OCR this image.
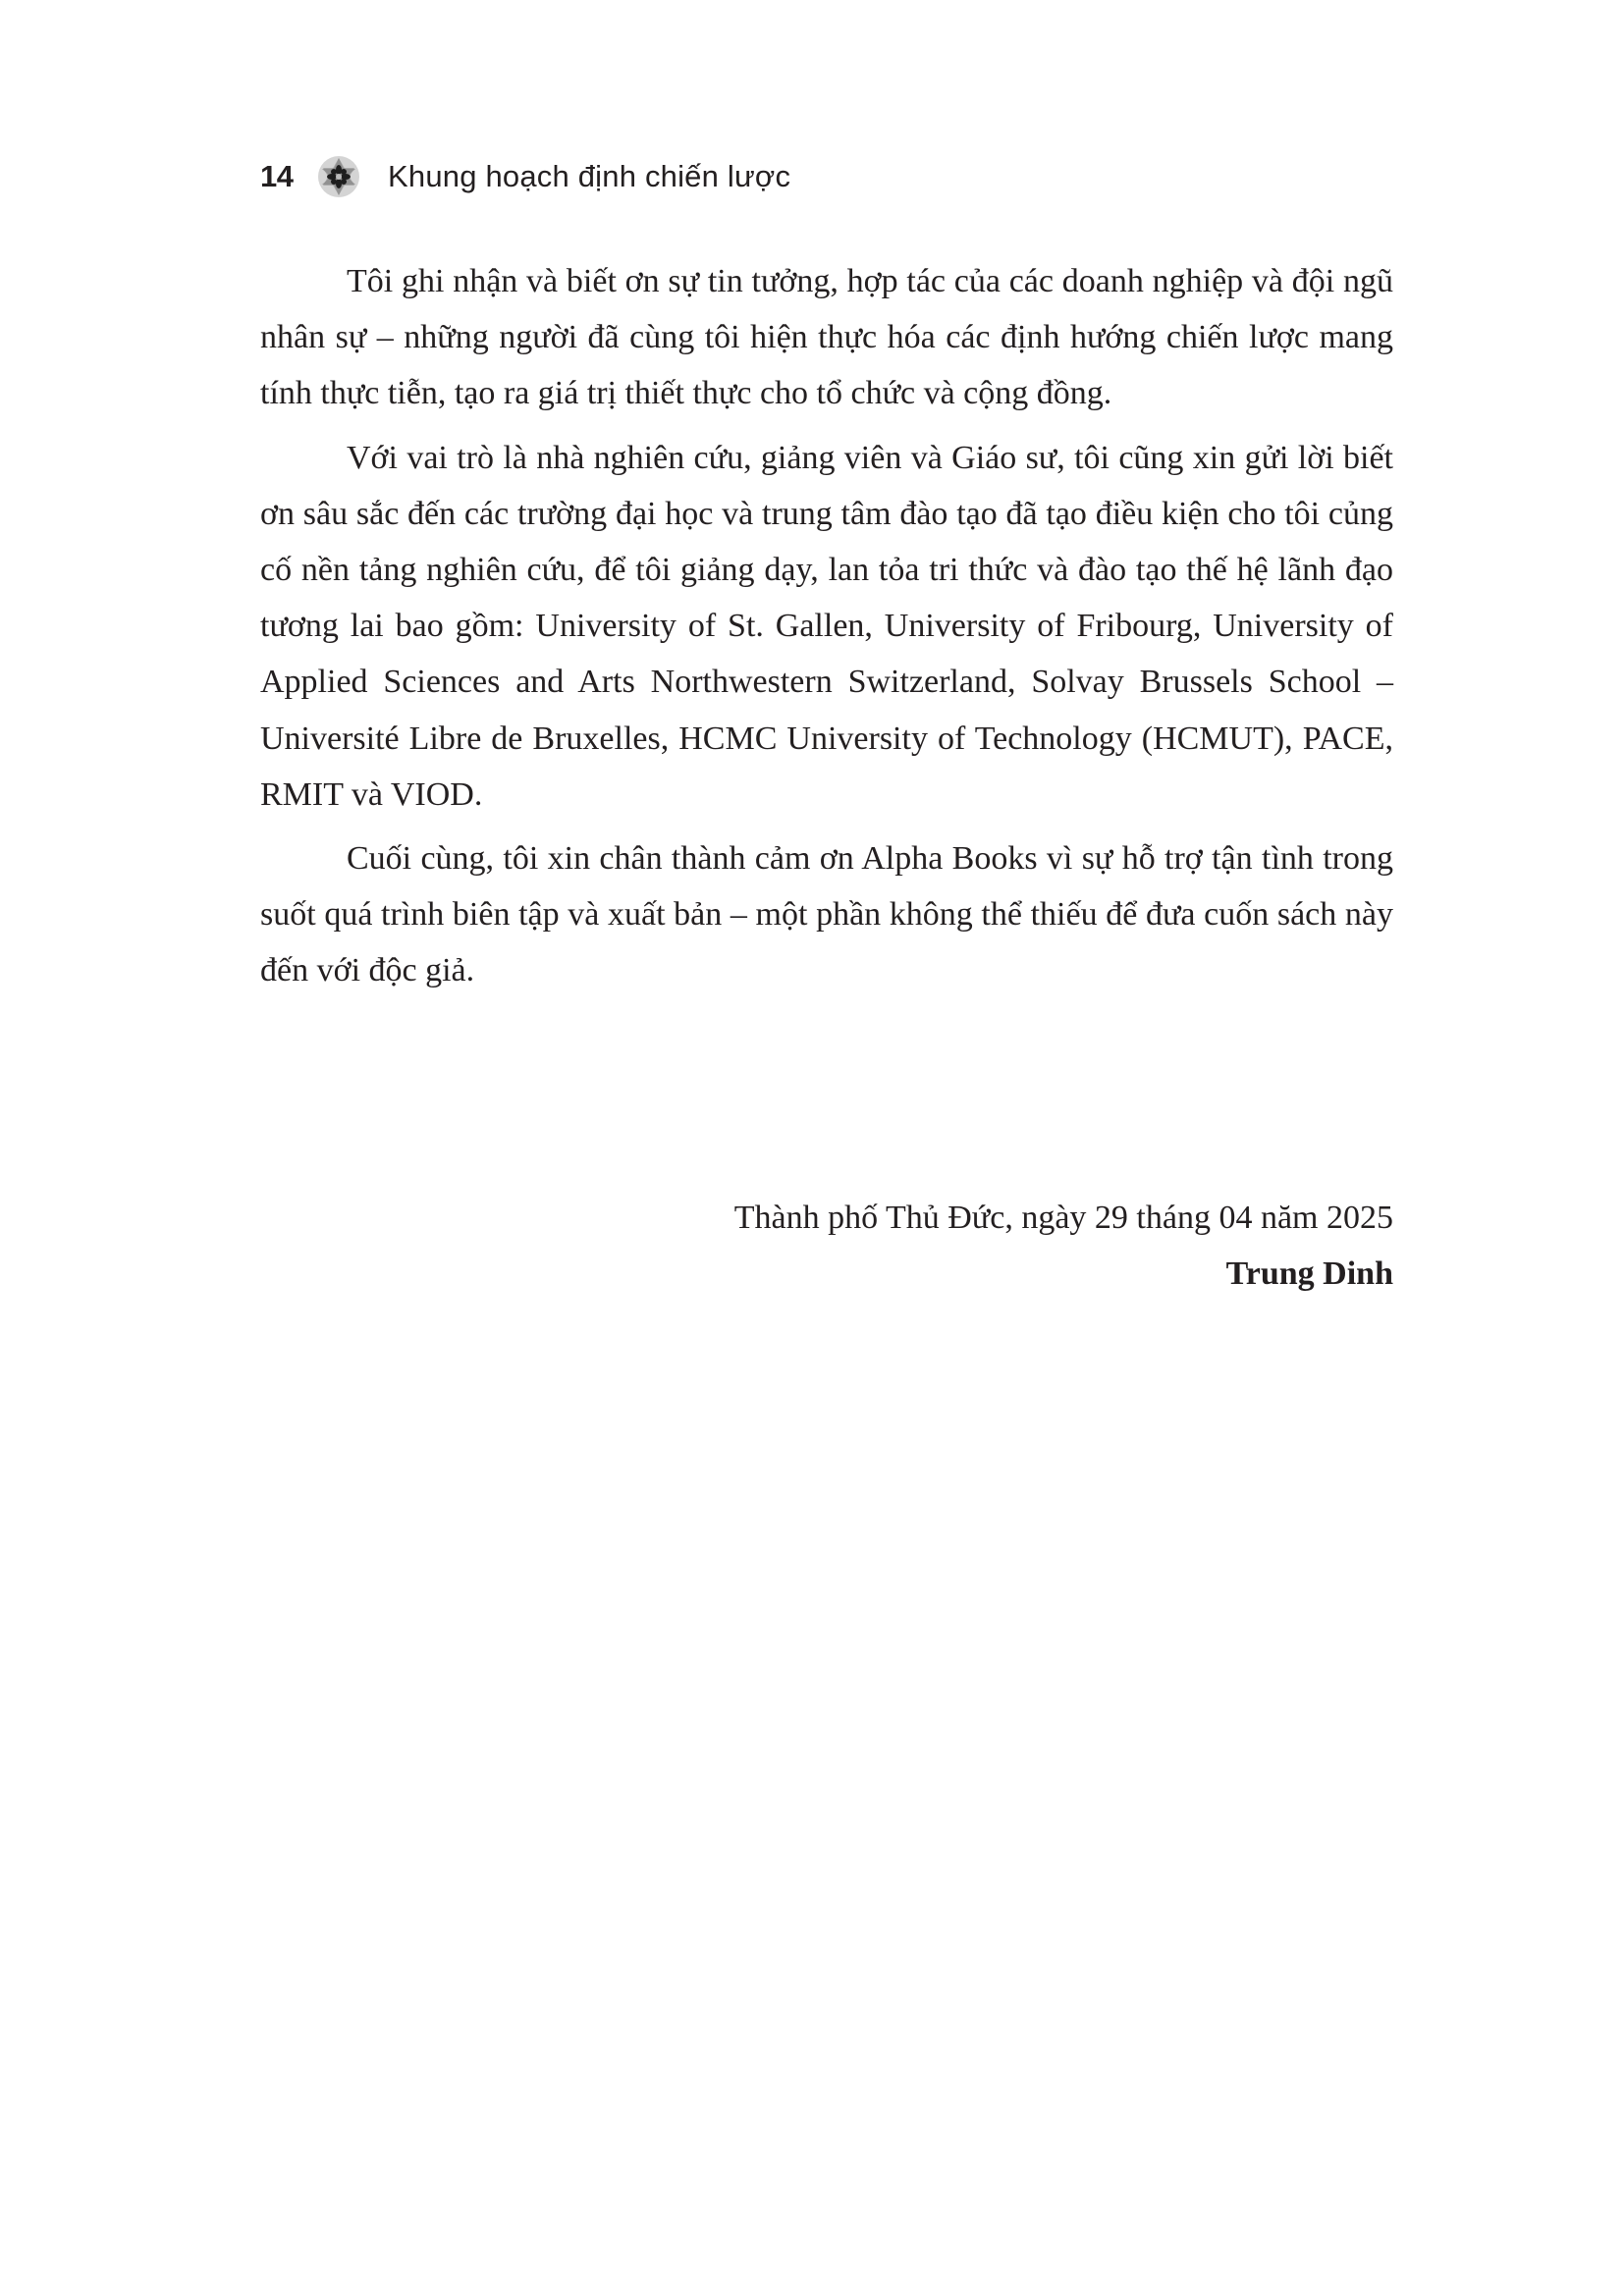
14	Khung hoạch định chiến lược

Tôi ghi nhận và biết ơn sự tin tưởng, hợp tác của các doanh nghiệp và đội ngũ nhân sự – những người đã cùng tôi hiện thực hóa các định hướng chiến lược mang tính thực tiễn, tạo ra giá trị thiết thực cho tổ chức và cộng đồng.

Với vai trò là nhà nghiên cứu, giảng viên và Giáo sư, tôi cũng xin gửi lời biết ơn sâu sắc đến các trường đại học và trung tâm đào tạo đã tạo điều kiện cho tôi củng cố nền tảng nghiên cứu, để tôi giảng dạy, lan tỏa tri thức và đào tạo thế hệ lãnh đạo tương lai bao gồm: University of St. Gallen, University of Fribourg, University of Applied Sciences and Arts Northwestern Switzerland, Solvay Brussels School – Université Libre de Bruxelles, HCMC University of Technology (HCMUT), PACE, RMIT và VIOD.

Cuối cùng, tôi xin chân thành cảm ơn Alpha Books vì sự hỗ trợ tận tình trong suốt quá trình biên tập và xuất bản – một phần không thể thiếu để đưa cuốn sách này đến với độc giả.

Thành phố Thủ Đức, ngày 29 tháng 04 năm 2025
Trung Dinh
